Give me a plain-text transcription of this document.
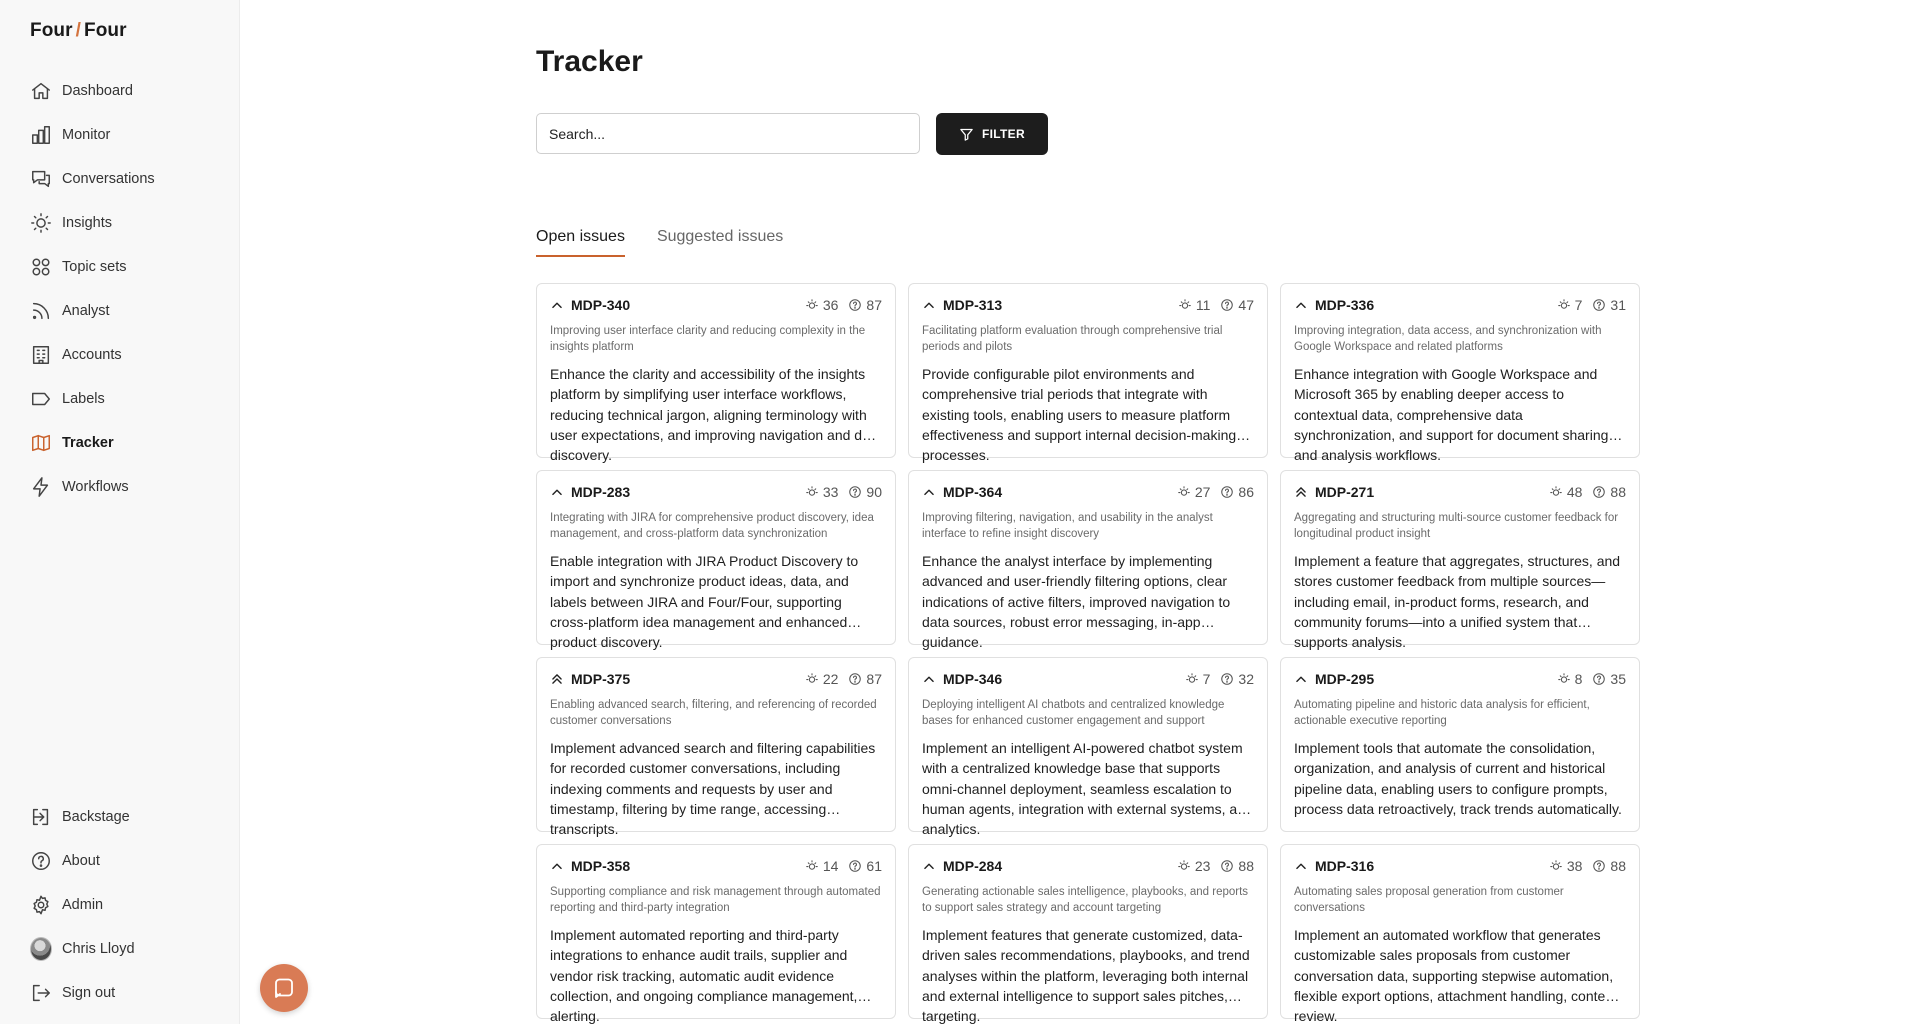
Four / Four
Dashboard
Monitor
Conversations
Insights
Topic sets
Analyst
Accounts
Labels
Tracker
Workflows
Backstage
About
Admin
Chris Lloyd
Sign out
Tracker
Search...
FILTER
Open issues Suggested issues
MDP-340	36 87
Improving user interface clarity and reducing complexity in the insights platform
Enhance the clarity and accessibility of the insights platform by simplifying user interface workflows, reducing technical jargon, aligning terminology with user expectations, and improving navigation and data discovery.
MDP-313	11 47
Facilitating platform evaluation through comprehensive trial periods and pilots
Provide configurable pilot environments and comprehensive trial periods that integrate with existing tools, enabling users to measure platform effectiveness and support internal decision-making processes.
MDP-336	7 31
Improving integration, data access, and synchronization with Google Workspace and related platforms
Enhance integration with Google Workspace and Microsoft 365 by enabling deeper access to contextual data, comprehensive data synchronization, and support for document sharing and analysis workflows.
MDP-283	33 90
Integrating with JIRA for comprehensive product discovery, idea management, and cross-platform data synchronization
Enable integration with JIRA Product Discovery to import and synchronize product ideas, data, and labels between JIRA and Four/Four, supporting cross-platform idea management and enhanced product discovery.
MDP-364	27 86
Improving filtering, navigation, and usability in the analyst interface to refine insight discovery
Enhance the analyst interface by implementing advanced and user-friendly filtering options, clear indications of active filters, improved navigation to data sources, robust error messaging, in-app guidance.
MDP-271	48 88
Aggregating and structuring multi-source customer feedback for longitudinal product insight
Implement a feature that aggregates, structures, and stores customer feedback from multiple sources—including email, in-product forms, research, and community forums—into a unified system that supports analysis.
MDP-375	22 87
Enabling advanced search, filtering, and referencing of recorded customer conversations
Implement advanced search and filtering capabilities for recorded customer conversations, including indexing comments and requests by user and timestamp, filtering by time range, accessing transcripts.
MDP-346	7 32
Deploying intelligent AI chatbots and centralized knowledge bases for enhanced customer engagement and support
Implement an intelligent AI-powered chatbot system with a centralized knowledge base that supports omni-channel deployment, seamless escalation to human agents, integration with external systems, and analytics.
MDP-295	8 35
Automating pipeline and historic data analysis for efficient, actionable executive reporting
Implement tools that automate the consolidation, organization, and analysis of current and historical pipeline data, enabling users to configure prompts, process data retroactively, track trends automatically.
MDP-358	14 61
Supporting compliance and risk management through automated reporting and third-party integration
Implement automated reporting and third-party integrations to enhance audit trails, supplier and vendor risk tracking, automatic audit evidence collection, and ongoing compliance management, alerting.
MDP-284	23 88
Generating actionable sales intelligence, playbooks, and reports to support sales strategy and account targeting
Implement features that generate customized, data-driven sales recommendations, playbooks, and trend analyses within the platform, leveraging both internal and external intelligence to support sales pitches, targeting.
MDP-316	38 88
Automating sales proposal generation from customer conversations
Implement an automated workflow that generates customizable sales proposals from customer conversation data, supporting stepwise automation, flexible export options, attachment handling, content review.
